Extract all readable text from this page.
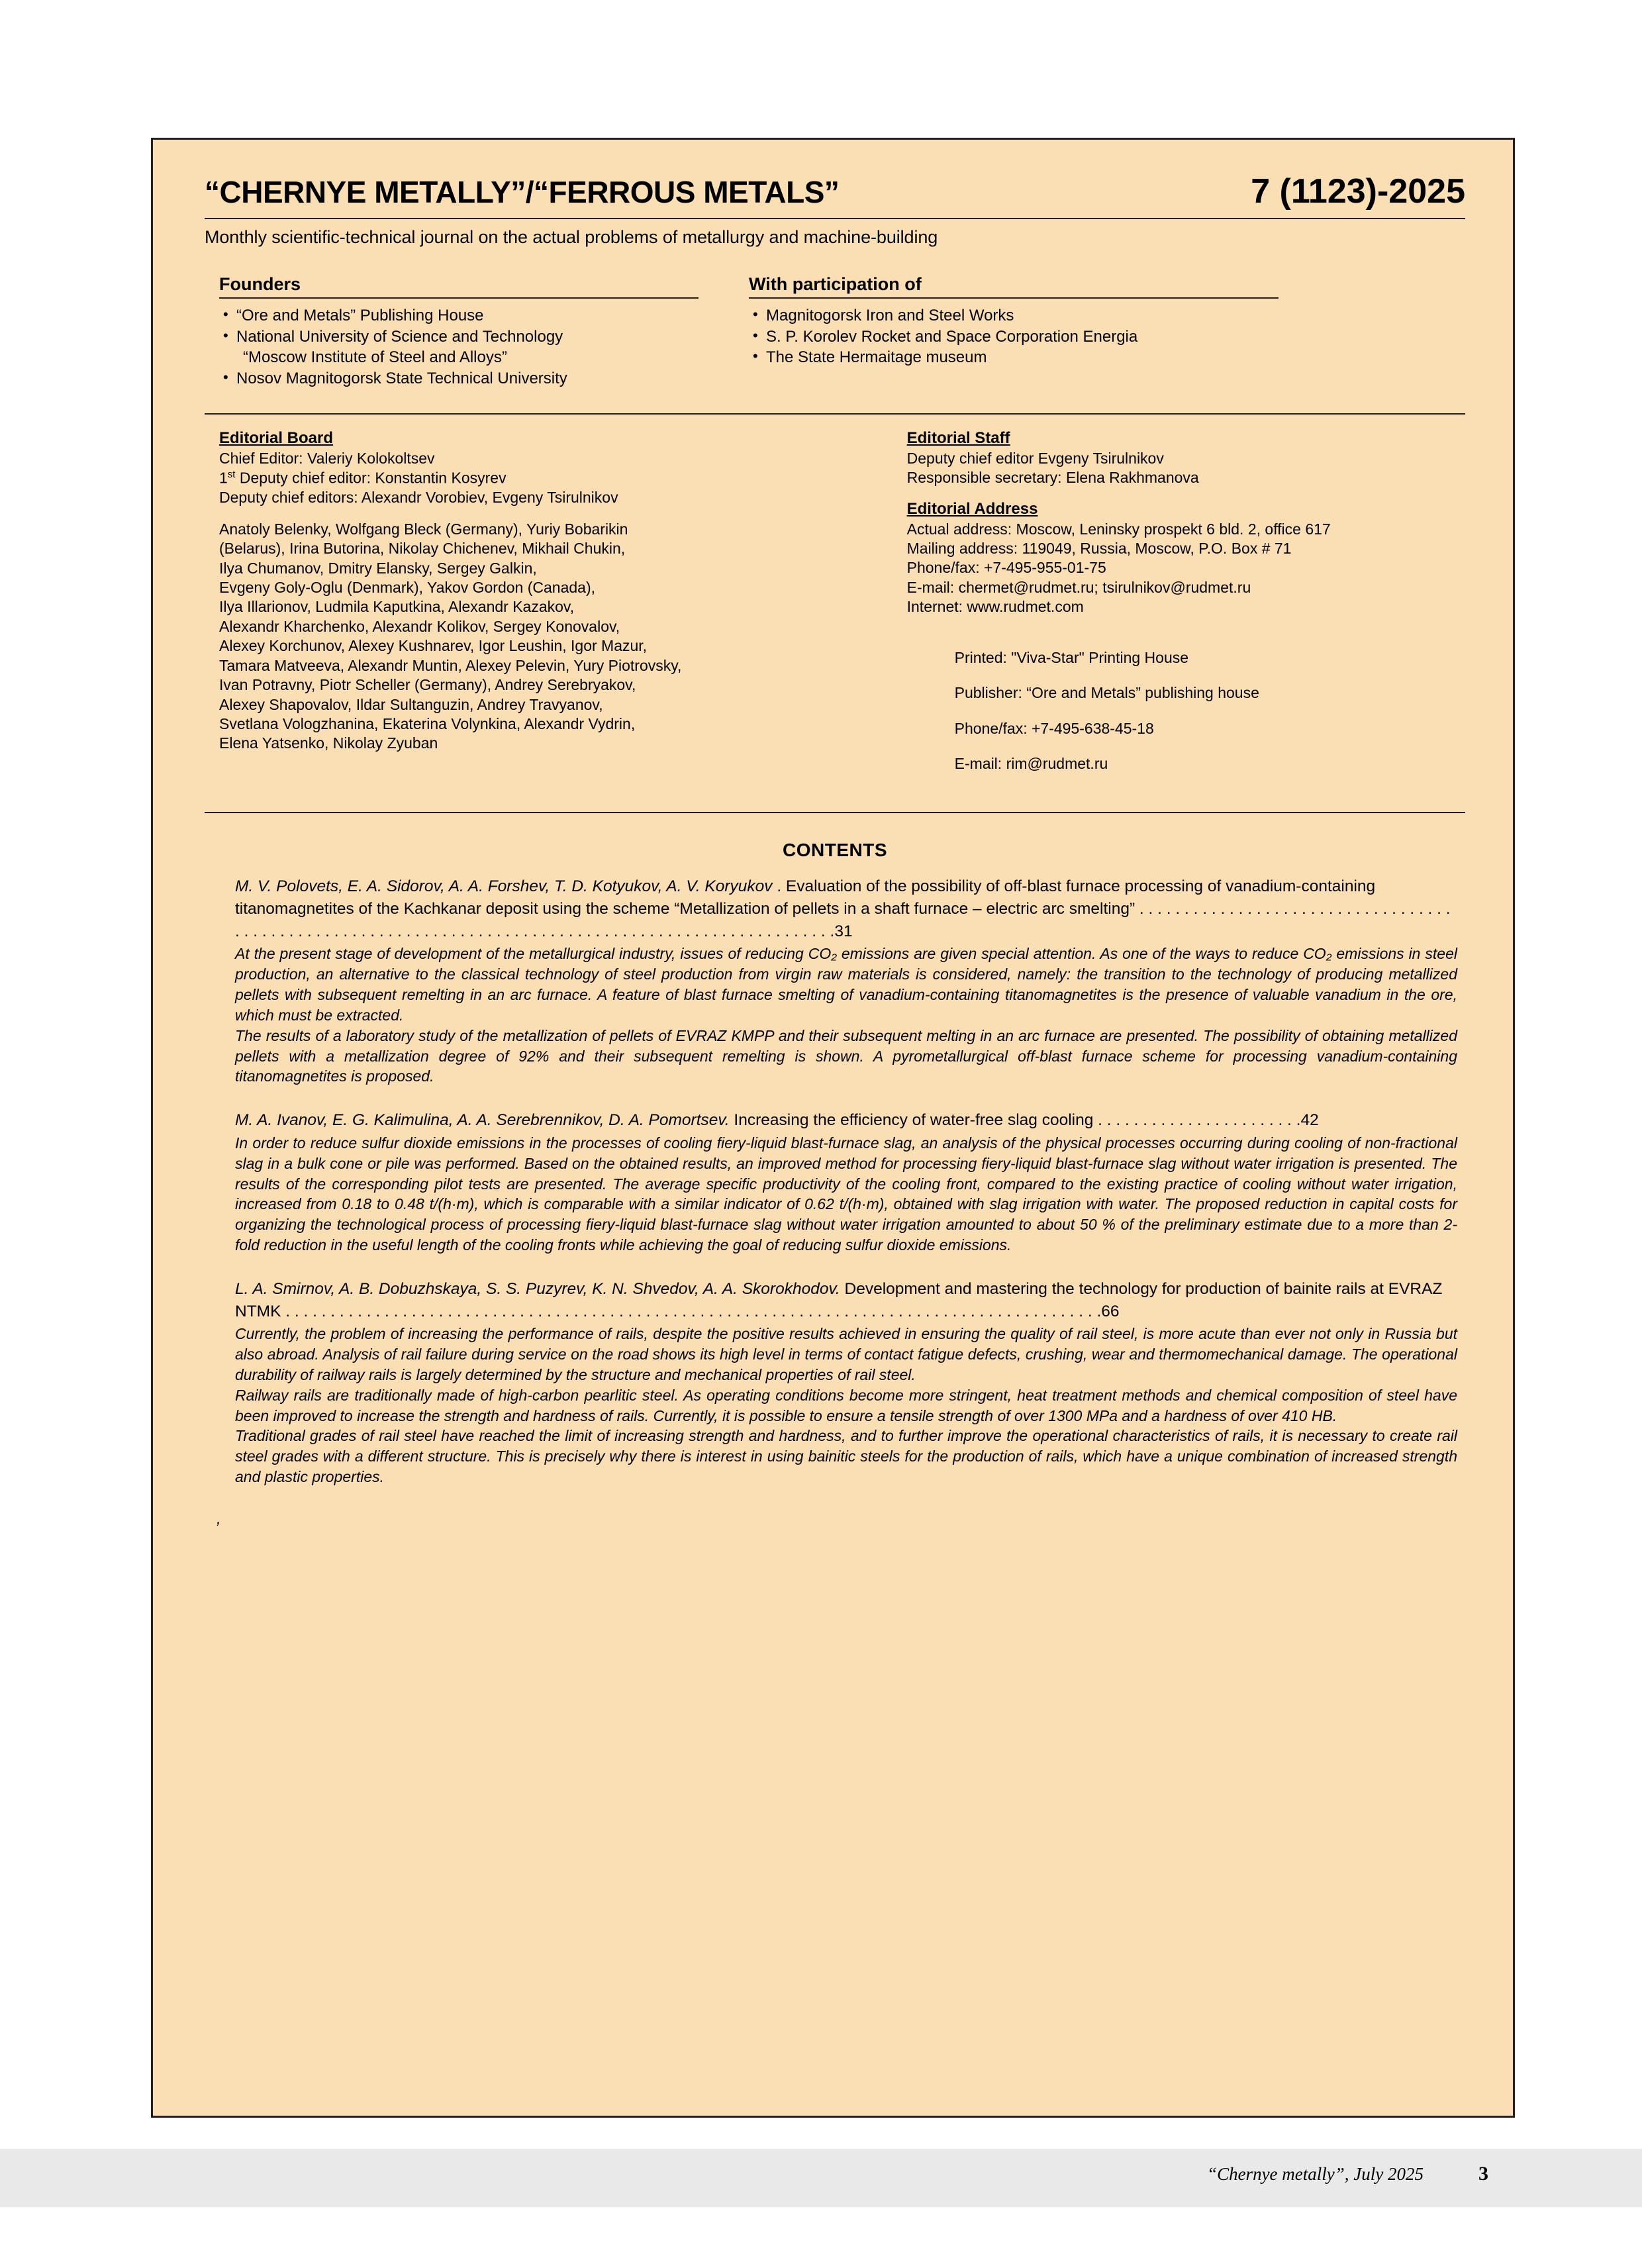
“CHERNYE METALLY”/“FERROUS METALS”	7 (1123)-2025
Monthly scientific-technical journal on the actual problems of metallurgy and machine-building
Founders
• “Ore and Metals” Publishing House
• National University of Science and Technology
“Moscow Institute of Steel and Alloys”
• Nosov Magnitogorsk State Technical University
With participation of
• Magnitogorsk Iron and Steel Works
• S. P. Korolev Rocket and Space Corporation Energia
• The State Hermaitage museum
Editorial Board

Chief Editor: Valeriy Kolokoltsev

1st Deputy chief editor: Konstantin Kosyrev

Deputy chief editors: Alexandr Vorobiev, Evgeny Tsirulnikov

Anatoly Belenky, Wolfgang Bleck (Germany), Yuriy Bobarikin

(Belarus), Irina Butorina, Nikolay Chichenev, Mikhail Chukin,

Ilya Chumanov, Dmitry Elansky, Sergey Galkin,

Evgeny Goly-Oglu (Denmark), Yakov Gordon (Canada),

Ilya Illarionov, Ludmila Kaputkina, Alexandr Kazakov,

Alexandr Kharchenko, Alexandr Kolikov, Sergey Konovalov,

Alexey Korchunov, Alexey Kushnarev, Igor Leushin, Igor Mazur,

Tamara Matveeva, Alexandr Muntin, Alexey Pelevin, Yury Piotrovsky,

Ivan Potravny, Piotr Scheller (Germany), Andrey Serebryakov,

Alexey Shapovalov, Ildar Sultanguzin, Andrey Travyanov,

Svetlana Vologzhanina, Ekaterina Volynkina, Alexandr Vydrin,

Elena Yatsenko, Nikolay Zyuban

Editorial Staff

Deputy chief editor Evgeny Tsirulnikov

Responsible secretary: Elena Rakhmanova

Editorial Address

Actual address: Moscow, Leninsky prospekt 6 bld. 2, office 617

Mailing address: 119049, Russia, Moscow, P.O. Box # 71

Phone/fax: +7-495-955-01-75

E-mail: chermet@rudmet.ru; tsirulnikov@rudmet.ru

Internet: www.rudmet.com

Printed: "Viva-Star" Printing House

Publisher: “Ore and Metals” publishing house

Phone/fax: +7-495-638-45-18

E-mail: rim@rudmet.ru

CONTENTS
M. V. Polovets, E. A. Sidorov, A. A. Forshev, T. D. Kotyukov, A. V. Koryukov . Evaluation of the possibility of off-blast furnace processing of vanadium-containing titanomagnetites of the Kachkanar deposit using the scheme “Metallization of pellets in a shaft furnace – electric arc smelting” . . . . . . . . . . . . . . . . . . . . . . . . . . . . . . . . . . . . . . . . . . . . . . . . . . . . . . . . . . . . . . . . . . . . . . . . . . . . . . . . . . . . . . . . . . . . . . . . . . . . . .31

At the present stage of development of the metallurgical industry, issues of reducing CO₂ emissions are given special attention. As one of the ways to reduce CO₂ emissions in steel production, an alternative to the classical technology of steel production from virgin raw materials is considered, namely: the transition to the technology of producing metallized pellets with subsequent remelting in an arc furnace. A feature of blast furnace smelting of vanadium-containing titanomagnetites is the presence of valuable vanadium in the ore, which must be extracted.

The results of a laboratory study of the metallization of pellets of EVRAZ KMPP and their subsequent melting in an arc furnace are presented. The possibility of obtaining metallized pellets with a metallization degree of 92% and their subsequent remelting is shown. A pyrometallurgical off-blast furnace scheme for processing vanadium-containing titanomagnetites is proposed.

M. A. Ivanov, E. G. Kalimulina, A. A. Serebrennikov, D. A. Pomortsev. Increasing the efficiency of water-free slag cooling . . . . . . . . . . . . . . . . . . . . . . .42

In order to reduce sulfur dioxide emissions in the processes of cooling fiery-liquid blast-furnace slag, an analysis of the physical processes occurring during cooling of non-fractional slag in a bulk cone or pile was performed. Based on the obtained results, an improved method for processing fiery-liquid blast-furnace slag without water irrigation is presented. The results of the corresponding pilot tests are presented. The average specific productivity of the cooling front, compared to the existing practice of cooling without water irrigation, increased from 0.18 to 0.48 t/(h·m), which is comparable with a similar indicator of 0.62 t/(h·m), obtained with slag irrigation with water. The proposed reduction in capital costs for organizing the technological process of processing fiery-liquid blast-furnace slag without water irrigation amounted to about 50 % of the preliminary estimate due to a more than 2-fold reduction in the useful length of the cooling fronts while achieving the goal of reducing sulfur dioxide emissions.

L. A. Smirnov, A. B. Dobuzhskaya, S. S. Puzyrev, K. N. Shvedov, A. A. Skorokhodov. Development and mastering the technology for production of bainite rails at EVRAZ NTMK . . . . . . . . . . . . . . . . . . . . . . . . . . . . . . . . . . . . . . . . . . . . . . . . . . . . . . . . . . . . . . . . . . . . . . . . . . . . . . . . . . . . . . . . . . .66

Currently, the problem of increasing the performance of rails, despite the positive results achieved in ensuring the quality of rail steel, is more acute than ever not only in Russia but also abroad. Analysis of rail failure during service on the road shows its high level in terms of contact fatigue defects, crushing, wear and thermomechanical damage. The operational durability of railway rails is largely determined by the structure and mechanical properties of rail steel.

Railway rails are traditionally made of high-carbon pearlitic steel. As operating conditions become more stringent, heat treatment methods and chemical composition of steel have been improved to increase the strength and hardness of rails. Currently, it is possible to ensure a tensile strength of over 1300 MPa and a hardness of over 410 HB.

Traditional grades of rail steel have reached the limit of increasing strength and hardness, and to further improve the operational characteristics of rails, it is necessary to create rail steel grades with a different structure. This is precisely why there is interest in using bainitic steels for the production of rails, which have a unique combination of increased strength and plastic properties.

,
“Chernye metally”, July 2025	3
